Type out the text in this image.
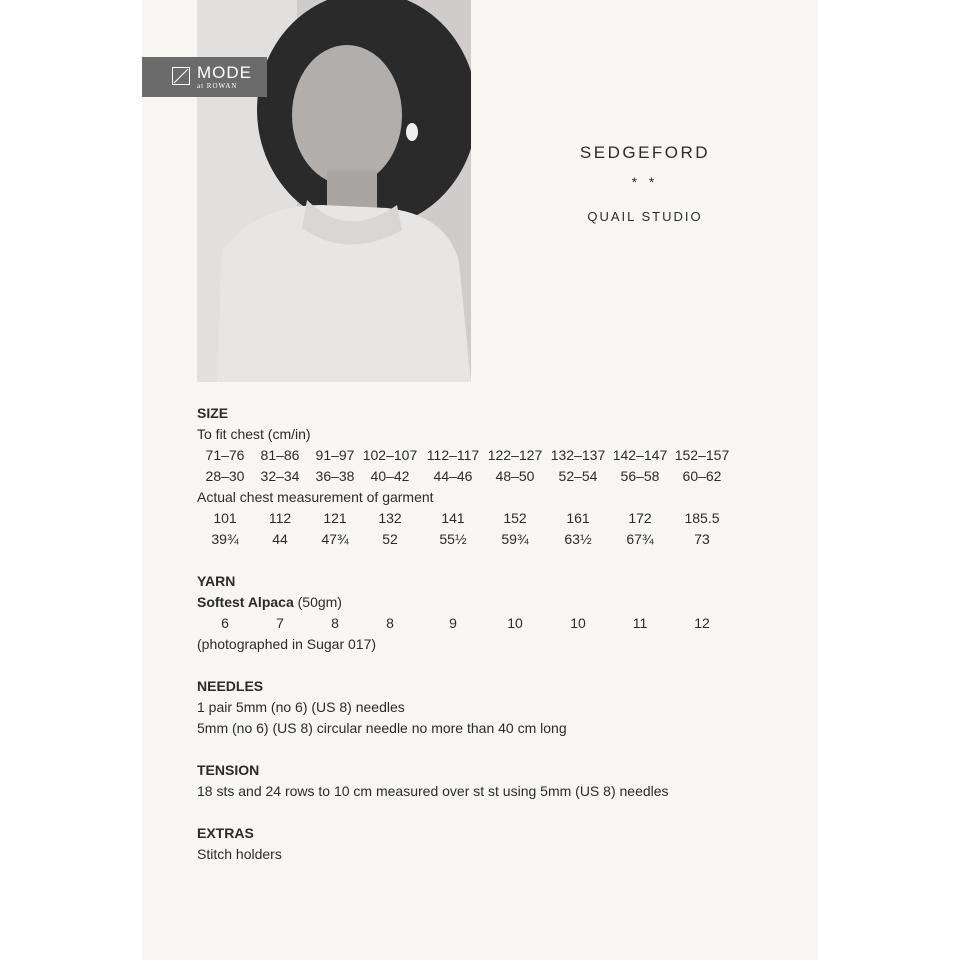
MODE
at ROWAN
SEDGEFORD
* *
QUAIL STUDIO
SIZE
To fit chest (cm/in)
71–76	81–86	91–97 102–107 112–117 122–127 132–137 142–147 152–157
28–30	32–34	36–38	40–42	44–46	48–50	52–54	56–58	60–62
Actual chest measurement of garment
101	112	121	132	141	152	161	172	185.5
39¾	44	47¾	52	55½	59¾	63½	67¾	73
YARN
Softest Alpaca (50gm)
6	7	8	8	9	10	10	11	12
(photographed in Sugar 017)
NEEDLES
1 pair 5mm (no 6) (US 8) needles
5mm (no 6) (US 8) circular needle no more than 40 cm long
TENSION
18 sts and 24 rows to 10 cm measured over st st using 5mm (US 8) needles
EXTRAS
Stitch holders
